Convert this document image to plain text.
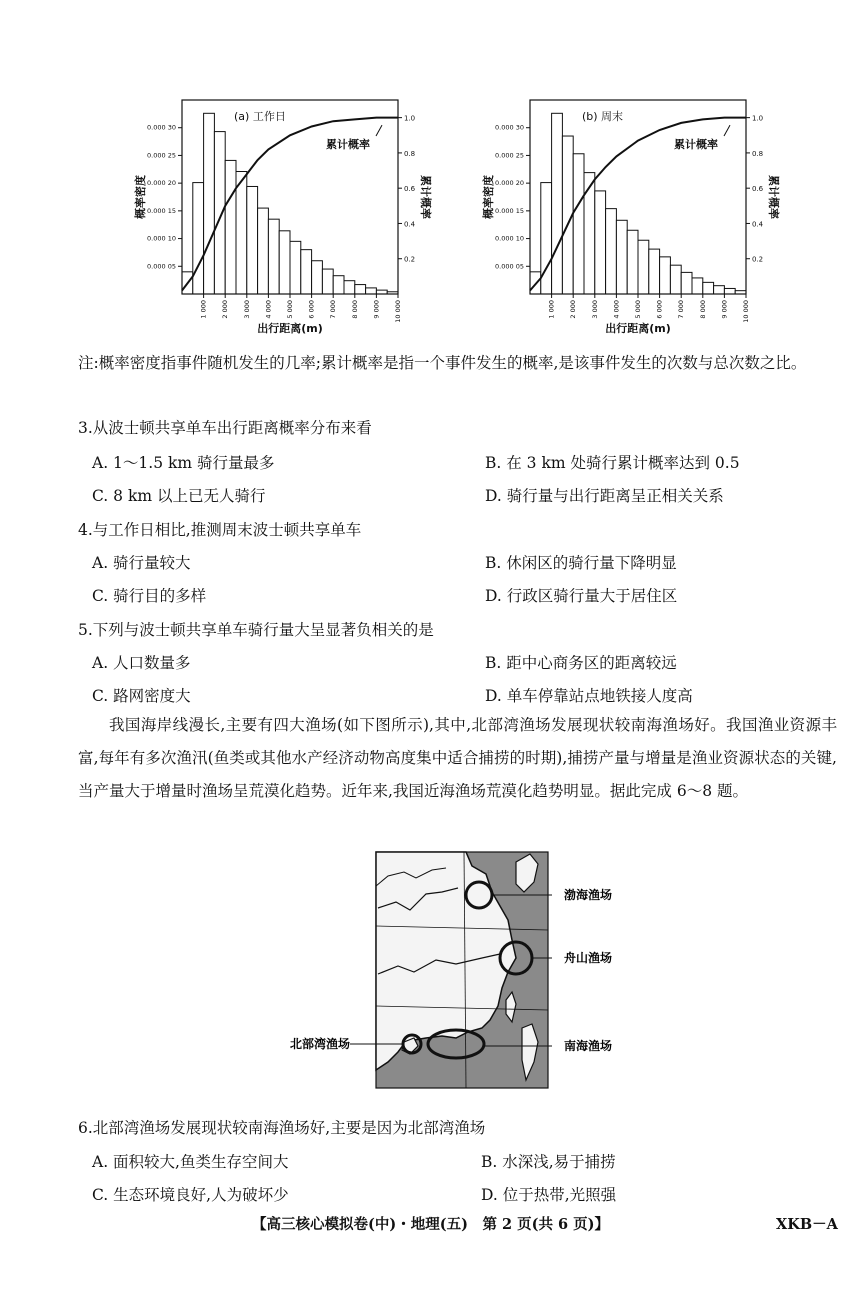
0.000 05
0.000 10
0.000 15
0.000 20
0.000 25
0.000 30
0.2
0.4
0.6
0.8
1.0
1 000 2 000 3 000 4 000 5 000 6 000 7 000 8 000 9 000 10 000
(a) 工作日
累计概率
出行距离(m)
概率密度	累计概率
0.000 05
0.000 10
0.000 15
0.000 20
0.000 25
0.000 30
0.2
0.4
0.6
0.8
1.0
1 000 2 000 3 000 4 000 5 000 6 000 7 000 8 000 9 000 10 000
(b) 周末
累计概率
出行距离(m)
概率密度	累计概率
注:概率密度指事件随机发生的几率;累计概率是指一个事件发生的概率,是该事件发生的次数与总次数之比。
3.从波士顿共享单车出行距离概率分布来看
A. 1～1.5 km 骑行量最多	B. 在 3 km 处骑行累计概率达到 0.5
C. 8 km 以上已无人骑行	D. 骑行量与出行距离呈正相关关系
4.与工作日相比,推测周末波士顿共享单车
A. 骑行量较大	B. 休闲区的骑行量下降明显
C. 骑行目的多样	D. 行政区骑行量大于居住区
5.下列与波士顿共享单车骑行量大呈显著负相关的是
A. 人口数量多	B. 距中心商务区的距离较远
C. 路网密度大	D. 单车停靠站点地铁接人度高
我国海岸线漫长,主要有四大渔场(如下图所示),其中,北部湾渔场发展现状较南海渔场好。我国渔业资源丰富,每年有多次渔汛(鱼类或其他水产经济动物高度集中适合捕捞的时期),捕捞产量与增量是渔业资源状态的关键,当产量大于增量时渔场呈荒漠化趋势。近年来,我国近海渔场荒漠化趋势明显。据此完成 6～8 题。
渤海渔场
舟山渔场
北部湾渔场	南海渔场
6.北部湾渔场发展现状较南海渔场好,主要是因为北部湾渔场
A. 面积较大,鱼类生存空间大	B. 水深浅,易于捕捞
C. 生态环境良好,人为破坏少	D. 位于热带,光照强
【高三核心模拟卷(中)・地理(五)　第 2 页(共 6 页)】	XKB－A
